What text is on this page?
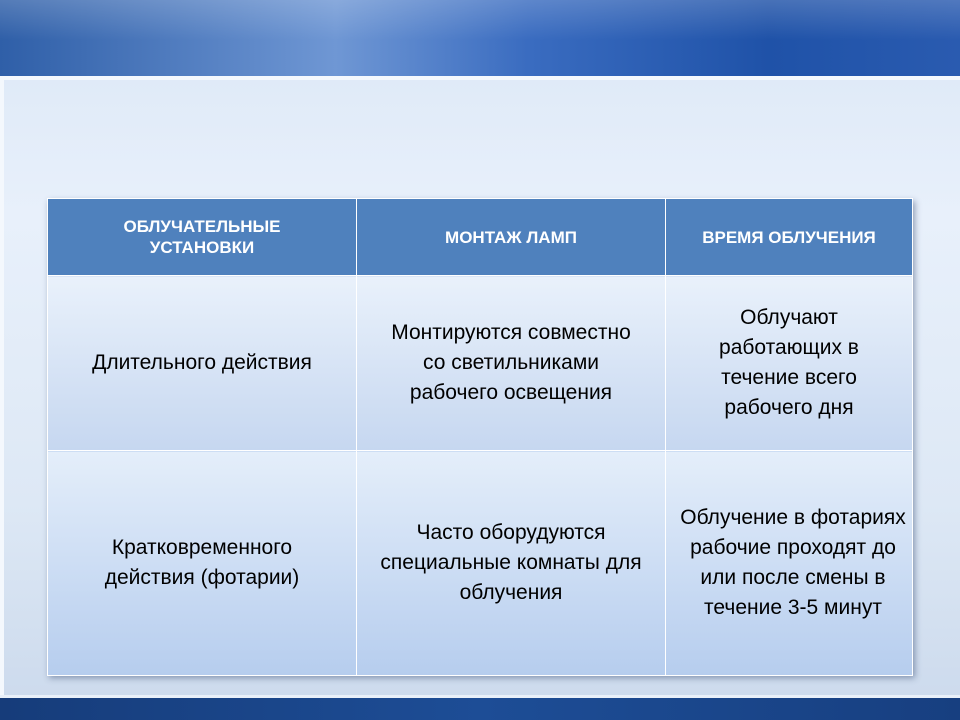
ОБЛУЧАТЕЛЬНЫЕ УСТАНОВКИ	МОНТАЖ ЛАМП	ВРЕМЯ ОБЛУЧЕНИЯ
Длительного действия	Монтируются совместно со светильниками рабочего освещения	Облучают работающих в течение всего рабочего дня
Кратковременного действия (фотарии)	Часто оборудуются специальные комнаты для облучения	Облучение в фотариях рабочие проходят до или после смены в течение 3-5 минут
